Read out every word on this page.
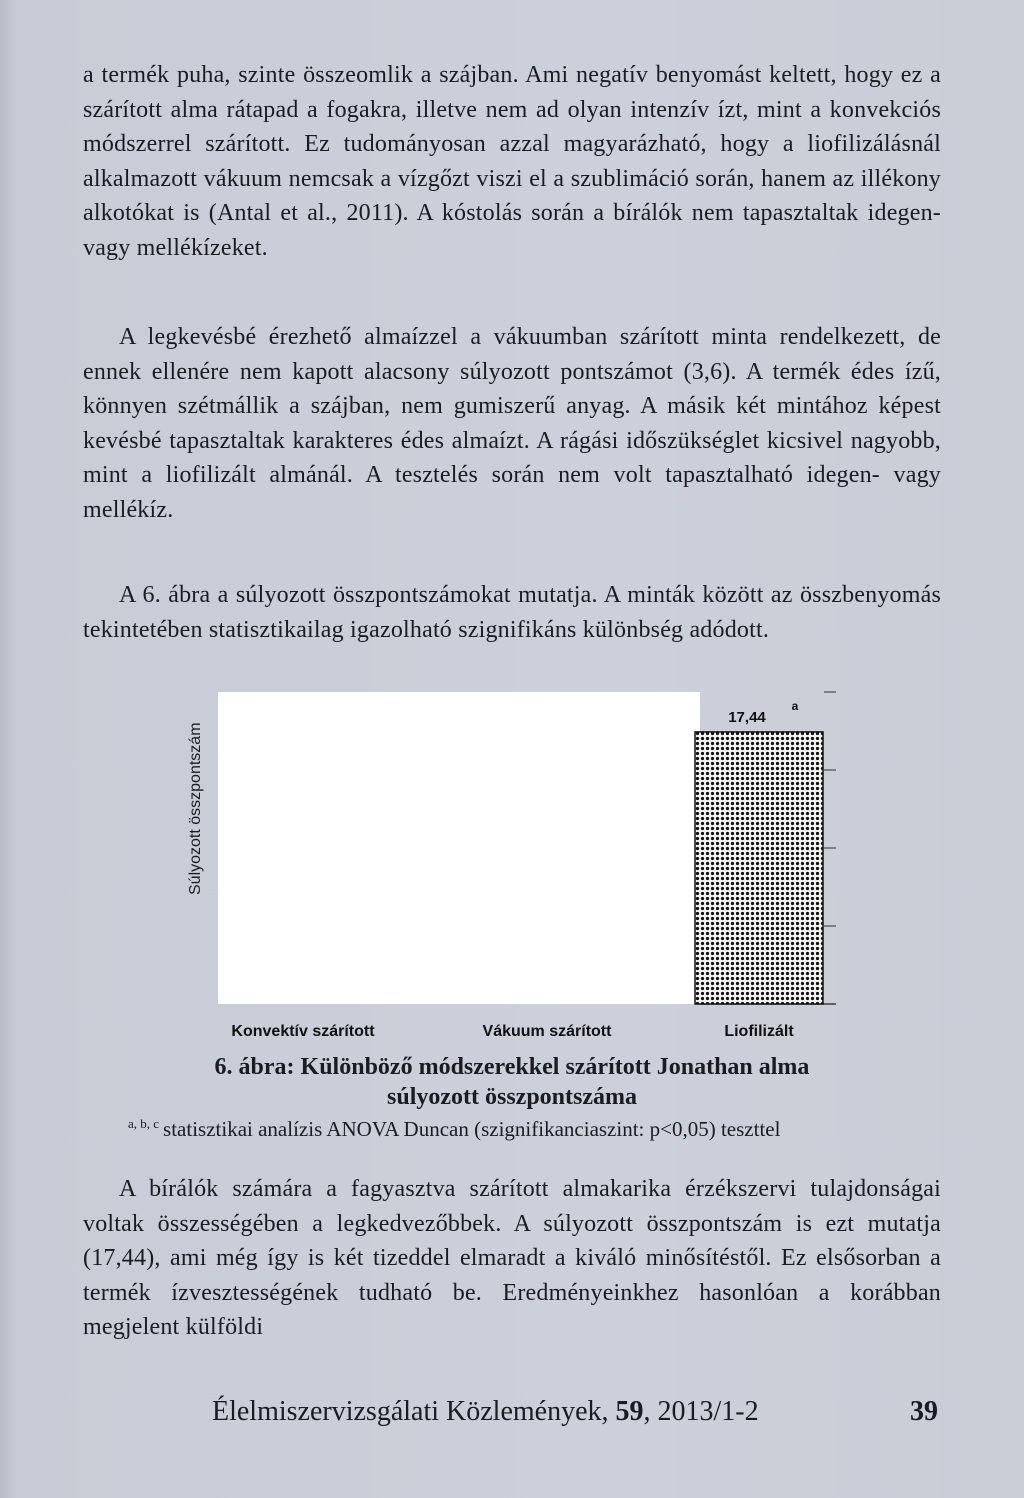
a termék puha, szinte összeomlik a szájban. Ami negatív benyomást keltett, hogy ez a szárított alma rátapad a fogakra, illetve nem ad olyan intenzív ízt, mint a konvekciós módszerrel szárított. Ez tudományosan azzal magyarázható, hogy a liofilizálásnál alkalmazott vákuum nemcsak a vízgőzt viszi el a szublimáció során, hanem az illékony alkotókat is (Antal et al., 2011). A kóstolás során a bírálók nem tapasztaltak idegen- vagy mellékízeket.

A legkevésbé érezhető almaízzel a vákuumban szárított minta rendelkezett, de ennek ellenére nem kapott alacsony súlyozott pontszámot (3,6). A termék édes ízű, könnyen szétmállik a szájban, nem gumiszerű anyag. A másik két mintához képest kevésbé tapasztaltak karakteres édes almaízt. A rágási időszükséglet kicsivel nagyobb, mint a liofilizált almánál. A tesztelés során nem volt tapasztalható idegen- vagy mellékíz.

A 6. ábra a súlyozott összpontszámokat mutatja. A minták között az összbenyomás tekintetében statisztikailag igazolható szignifikáns különbség adódott.

Súlyozott összpontszám
Konvektív szárított	Vákuum szárított	Liofilizált
17,44
a
6. ábra: Különböző módszerekkel szárított Jonathan alma
súlyozott összpontszáma
$^{a, b, c}$ statisztikai analízis ANOVA Duncan (szignifikanciaszint: p<0,05) teszttel

A bírálók számára a fagyasztva szárított almakarika érzékszervi tulajdonságai voltak összességében a legkedvezőbbek. A súlyozott összpontszám is ezt mutatja (17,44), ami még így is két tizeddel elmaradt a kiváló minősítéstől. Ez elsősorban a termék ízvesztességének tudható be. Eredményeinkhez hasonlóan a korábban megjelent külföldi

Élelmiszervizsgálati Közlemények, 59, 2013/1-2	39
